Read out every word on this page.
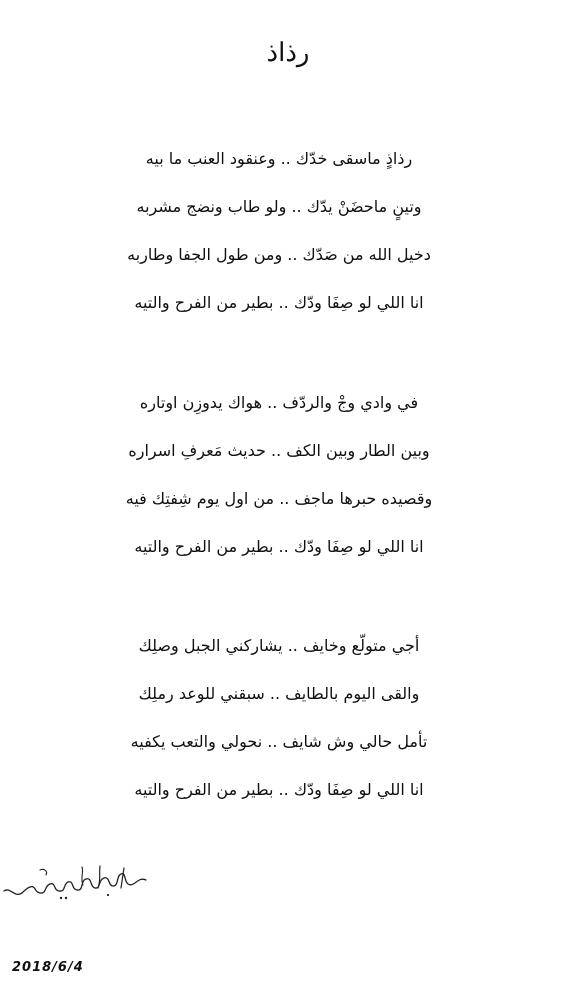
رذاذ
رذاذٍ ماسقى خدّك .. وعنقود العنب ما بيه
وتينٍ ماحضَنْ يدّك .. ولو طاب ونضج مشربه
دخيل الله من صَدّك .. ومن طول الجفا وطاربه
انا اللي لو صِفَا ودّك .. بطير من الفرح والتيه
في وادي وجْ والردّف .. هواك يدوزِن اوتاره
وبين الطار وبين الكف .. حديث مَعرفِ اسراره
وقصيده حبرها ماجف .. من اول يوم شِفتِك فيه
انا اللي لو صِفَا ودّك .. بطير من الفرح والتيه
أجي متولّع وخايف .. يشاركني الجبل وصلِك
والقى اليوم بالطايف .. سبقني للوعد رملِك
تأمل حالي وش شايف .. نحولي والتعب يكفيه
انا اللي لو صِفَا ودّك .. بطير من الفرح والتيه
2018/6/4
